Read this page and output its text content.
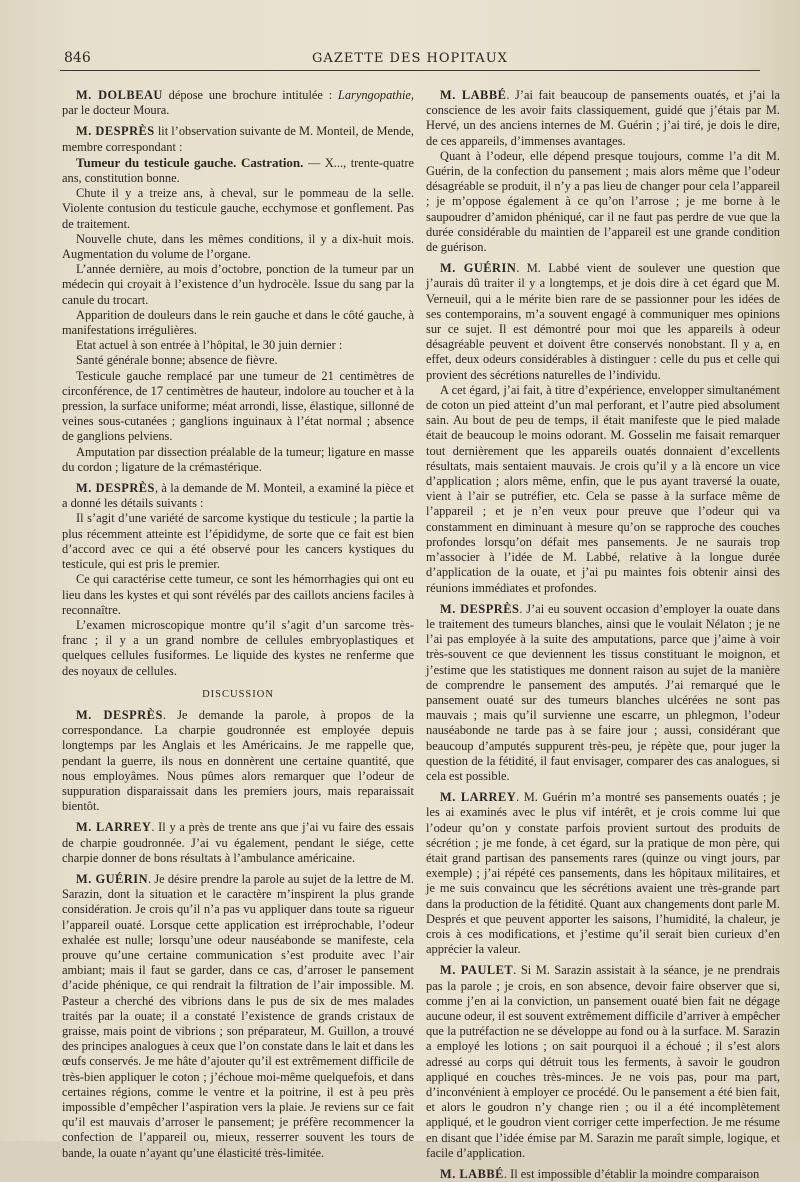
846	GAZETTE DES HOPITAUX

M. DOLBEAU dépose une brochure intitulée : Laryngopathie, par le docteur Moura.

M. DESPRÈS lit l’observation suivante de M. Monteil, de Mende, membre correspondant :

Tumeur du testicule gauche. Castration. — X..., trente-quatre ans, constitution bonne.

Chute il y a treize ans, à cheval, sur le pommeau de la selle. Violente contusion du testicule gauche, ecchymose et gonflement. Pas de traitement.

Nouvelle chute, dans les mêmes conditions, il y a dix-huit mois. Augmentation du volume de l’organe.

L’année dernière, au mois d’octobre, ponction de la tumeur par un médecin qui croyait à l’existence d’un hydrocèle. Issue du sang par la canule du trocart.

Apparition de douleurs dans le rein gauche et dans le côté gauche, à manifestations irrégulières.

Etat actuel à son entrée à l’hôpital, le 30 juin dernier :

Santé générale bonne; absence de fièvre.

Testicule gauche remplacé par une tumeur de 21 centimètres de circonférence, de 17 centimètres de hauteur, indolore au toucher et à la pression, la surface uniforme; méat arrondi, lisse, élastique, sillonné de veines sous-cutanées ; ganglions inguinaux à l’état normal ; absence de ganglions pelviens.

Amputation par dissection préalable de la tumeur; ligature en masse du cordon ; ligature de la crémastérique.

M. DESPRÈS, à la demande de M. Monteil, a examiné la pièce et a donné les détails suivants :

Il s’agit d’une variété de sarcome kystique du testicule ; la partie la plus récemment atteinte est l’épididyme, de sorte que ce fait est bien d’accord avec ce qui a été observé pour les cancers kystiques du testicule, qui est pris le premier.

Ce qui caractérise cette tumeur, ce sont les hémorrhagies qui ont eu lieu dans les kystes et qui sont révélés par des caillots anciens faciles à reconnaître.

L’examen microscopique montre qu’il s’agit d’un sarcome très-franc ; il y a un grand nombre de cellules embryoplastiques et quelques cellules fusiformes. Le liquide des kystes ne renferme que des noyaux de cellules.

DISCUSSION

M. DESPRÈS. Je demande la parole, à propos de la correspondance. La charpie goudronnée est employée depuis longtemps par les Anglais et les Américains. Je me rappelle que, pendant la guerre, ils nous en donnèrent une certaine quantité, que nous employâmes. Nous pûmes alors remarquer que l’odeur de suppuration disparaissait dans les premiers jours, mais reparaissait bientôt.

M. LARREY. Il y a près de trente ans que j’ai vu faire des essais de charpie goudronnée. J’ai vu également, pendant le siége, cette charpie donner de bons résultats à l’ambulance américaine.

M. GUÉRIN. Je désire prendre la parole au sujet de la lettre de M. Sarazin, dont la situation et le caractère m’inspirent la plus grande considération. Je crois qu’il n’a pas vu appliquer dans toute sa rigueur l’appareil ouaté. Lorsque cette application est irréprochable, l’odeur exhalée est nulle; lorsqu’une odeur nauséabonde se manifeste, cela prouve qu’une certaine communication s’est produite avec l’air ambiant; mais il faut se garder, dans ce cas, d’arroser le pansement d’acide phénique, ce qui rendrait la filtration de l’air impossible. M. Pasteur a cherché des vibrions dans le pus de six de mes malades traités par la ouate; il a constaté l’existence de grands cristaux de graisse, mais point de vibrions ; son préparateur, M. Guillon, a trouvé des principes analogues à ceux que l’on constate dans le lait et dans les œufs conservés. Je me hâte d’ajouter qu’il est extrêmement difficile de très-bien appliquer le coton ; j’échoue moi-même quelquefois, et dans certaines régions, comme le ventre et la poitrine, il est à peu près impossible d’empêcher l’aspiration vers la plaie. Je reviens sur ce fait qu’il est mauvais d’arroser le pansement; je préfère recommencer la confection de l’appareil ou, mieux, resserrer souvent les tours de bande, la ouate n’ayant qu’une élasticité très-limitée.

M. LABBÉ. J’ai fait beaucoup de pansements ouatés, et j’ai la conscience de les avoir faits classiquement, guidé que j’étais par M. Hervé, un des anciens internes de M. Guérin ; j’ai tiré, je dois le dire, de ces appareils, d’immenses avantages.

Quant à l’odeur, elle dépend presque toujours, comme l’a dit M. Guérin, de la confection du pansement ; mais alors même que l’odeur désagréable se produit, il n’y a pas lieu de changer pour cela l’appareil ; je m’oppose également à ce qu’on l’arrose ; je me borne à le saupoudrer d’amidon phéniqué, car il ne faut pas perdre de vue que la durée considérable du maintien de l’appareil est une grande condition de guérison.

M. GUÉRIN. M. Labbé vient de soulever une question que j’aurais dû traiter il y a longtemps, et je dois dire à cet égard que M. Verneuil, qui a le mérite bien rare de se passionner pour les idées de ses contemporains, m’a souvent engagé à communiquer mes opinions sur ce sujet. Il est démontré pour moi que les appareils à odeur désagréable peuvent et doivent être conservés nonobstant. Il y a, en effet, deux odeurs considérables à distinguer : celle du pus et celle qui provient des sécrétions naturelles de l’individu.

A cet égard, j’ai fait, à titre d’expérience, envelopper simultanément de coton un pied atteint d’un mal perforant, et l’autre pied absolument sain. Au bout de peu de temps, il était manifeste que le pied malade était de beaucoup le moins odorant. M. Gosselin me faisait remarquer tout dernièrement que les appareils ouatés donnaient d’excellents résultats, mais sentaient mauvais. Je crois qu’il y a là encore un vice d’application ; alors même, enfin, que le pus ayant traversé la ouate, vient à l’air se putréfier, etc. Cela se passe à la surface même de l’appareil ; et je n’en veux pour preuve que l’odeur qui va constamment en diminuant à mesure qu’on se rapproche des couches profondes lorsqu’on défait mes pansements. Je ne saurais trop m’associer à l’idée de M. Labbé, relative à la longue durée d’application de la ouate, et j’ai pu maintes fois obtenir ainsi des réunions immédiates et profondes.

M. DESPRÈS. J’ai eu souvent occasion d’employer la ouate dans le traitement des tumeurs blanches, ainsi que le voulait Nélaton ; je ne l’ai pas employée à la suite des amputations, parce que j’aime à voir très-souvent ce que deviennent les tissus constituant le moignon, et j’estime que les statistiques me donnent raison au sujet de la manière de comprendre le pansement des amputés. J’ai remarqué que le pansement ouaté sur des tumeurs blanches ulcérées ne sont pas mauvais ; mais qu’il survienne une escarre, un phlegmon, l’odeur nauséabonde ne tarde pas à se faire jour ; aussi, considérant que beaucoup d’amputés suppurent très-peu, je répète que, pour juger la question de la fétidité, il faut envisager, comparer des cas analogues, si cela est possible.

M. LARREY. M. Guérin m’a montré ses pansements ouatés ; je les ai examinés avec le plus vif intérêt, et je crois comme lui que l’odeur qu’on y constate parfois provient surtout des produits de sécrétion ; je me fonde, à cet égard, sur la pratique de mon père, qui était grand partisan des pansements rares (quinze ou vingt jours, par exemple) ; j’ai répété ces pansements, dans les hôpitaux militaires, et je me suis convaincu que les sécrétions avaient une très-grande part dans la production de la fétidité. Quant aux changements dont parle M. Després et que peuvent apporter les saisons, l’humidité, la chaleur, je crois à ces modifications, et j’estime qu’il serait bien curieux d’en apprécier la valeur.

M. PAULET. Si M. Sarazin assistait à la séance, je ne prendrais pas la parole ; je crois, en son absence, devoir faire observer que si, comme j’en ai la conviction, un pansement ouaté bien fait ne dégage aucune odeur, il est souvent extrêmement difficile d’arriver à empêcher que la putréfaction ne se développe au fond ou à la surface. M. Sarazin a employé les lotions ; on sait pourquoi il a échoué ; il s’est alors adressé au corps qui détruit tous les ferments, à savoir le goudron appliqué en couches très-minces. Je ne vois pas, pour ma part, d’inconvénient à employer ce procédé. Ou le pansement a été bien fait, et alors le goudron n’y change rien ; ou il a été incomplètement appliqué, et le goudron vient corriger cette imperfection. Je me résume en disant que l’idée émise par M. Sarazin me paraît simple, logique, et facile d’application.

M. LABBÉ. Il est impossible d’établir la moindre comparaison
